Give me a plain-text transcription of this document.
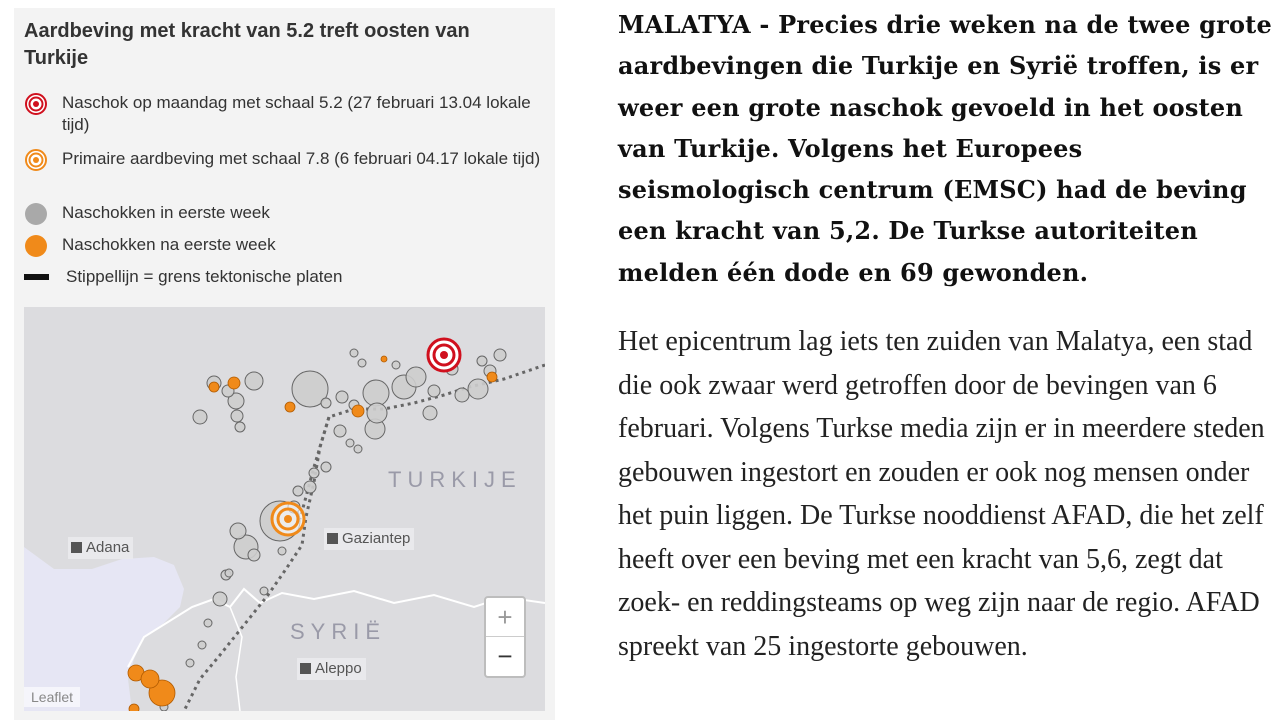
Aardbeving met kracht van 5.2 treft oosten van Turkije
Naschok op maandag met schaal 5.2 (27 februari 13.04 lokale tijd)
Primaire aardbeving met schaal 7.8 (6 februari 04.17 lokale tijd)
Naschokken in eerste week
Naschokken na eerste week
Stippellijn = grens tektonische platen
TURKIJE
SYRIË
Adana
Gaziantep
Aleppo
+
−
Leaflet

MALATYA - Precies drie weken na de twee grote aardbevingen die Turkije en Syrië troffen, is er weer een grote naschok gevoeld in het oosten van Turkije. Volgens het Europees seismologisch centrum (EMSC) had de beving een kracht van 5,2. De Turkse autoriteiten melden één dode en 69 gewonden.

Het epicentrum lag iets ten zuiden van Malatya, een stad die ook zwaar werd getroffen door de bevingen van 6 februari. Volgens Turkse media zijn er in meerdere steden gebouwen ingestort en zouden er ook nog mensen onder het puin liggen. De Turkse nooddienst AFAD, die het zelf heeft over een beving met een kracht van 5,6, zegt dat zoek- en reddingsteams op weg zijn naar de regio. AFAD spreekt van 25 ingestorte gebouwen.
